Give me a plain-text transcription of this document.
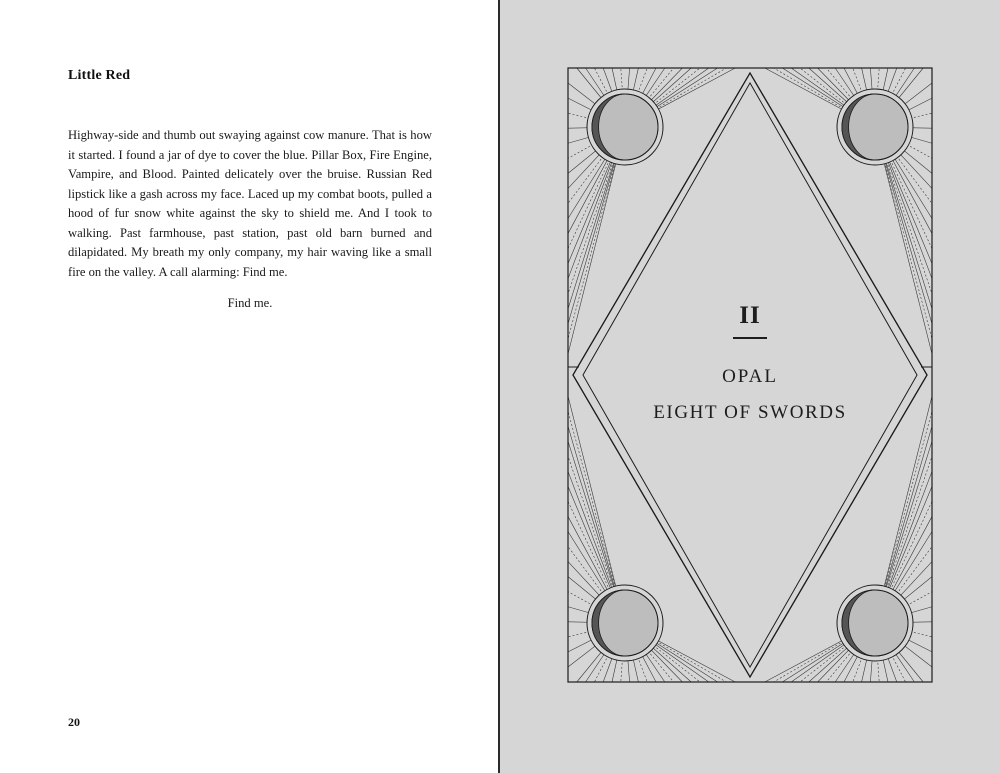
Little Red

Highway-side and thumb out swaying against cow manure. That is how it started. I found a jar of dye to cover the blue. Pillar Box, Fire Engine, Vampire, and Blood. Painted delicately over the bruise. Russian Red lipstick like a gash across my face. Laced up my combat boots, pulled a hood of fur snow white against the sky to shield me. And I took to walking. Past farmhouse, past station, past old barn burned and dilapidated. My breath my only company, my hair waving like a small fire on the valley. A call alarming: Find me.

Find me.

20
II
OPAL
EIGHT OF SWORDS
